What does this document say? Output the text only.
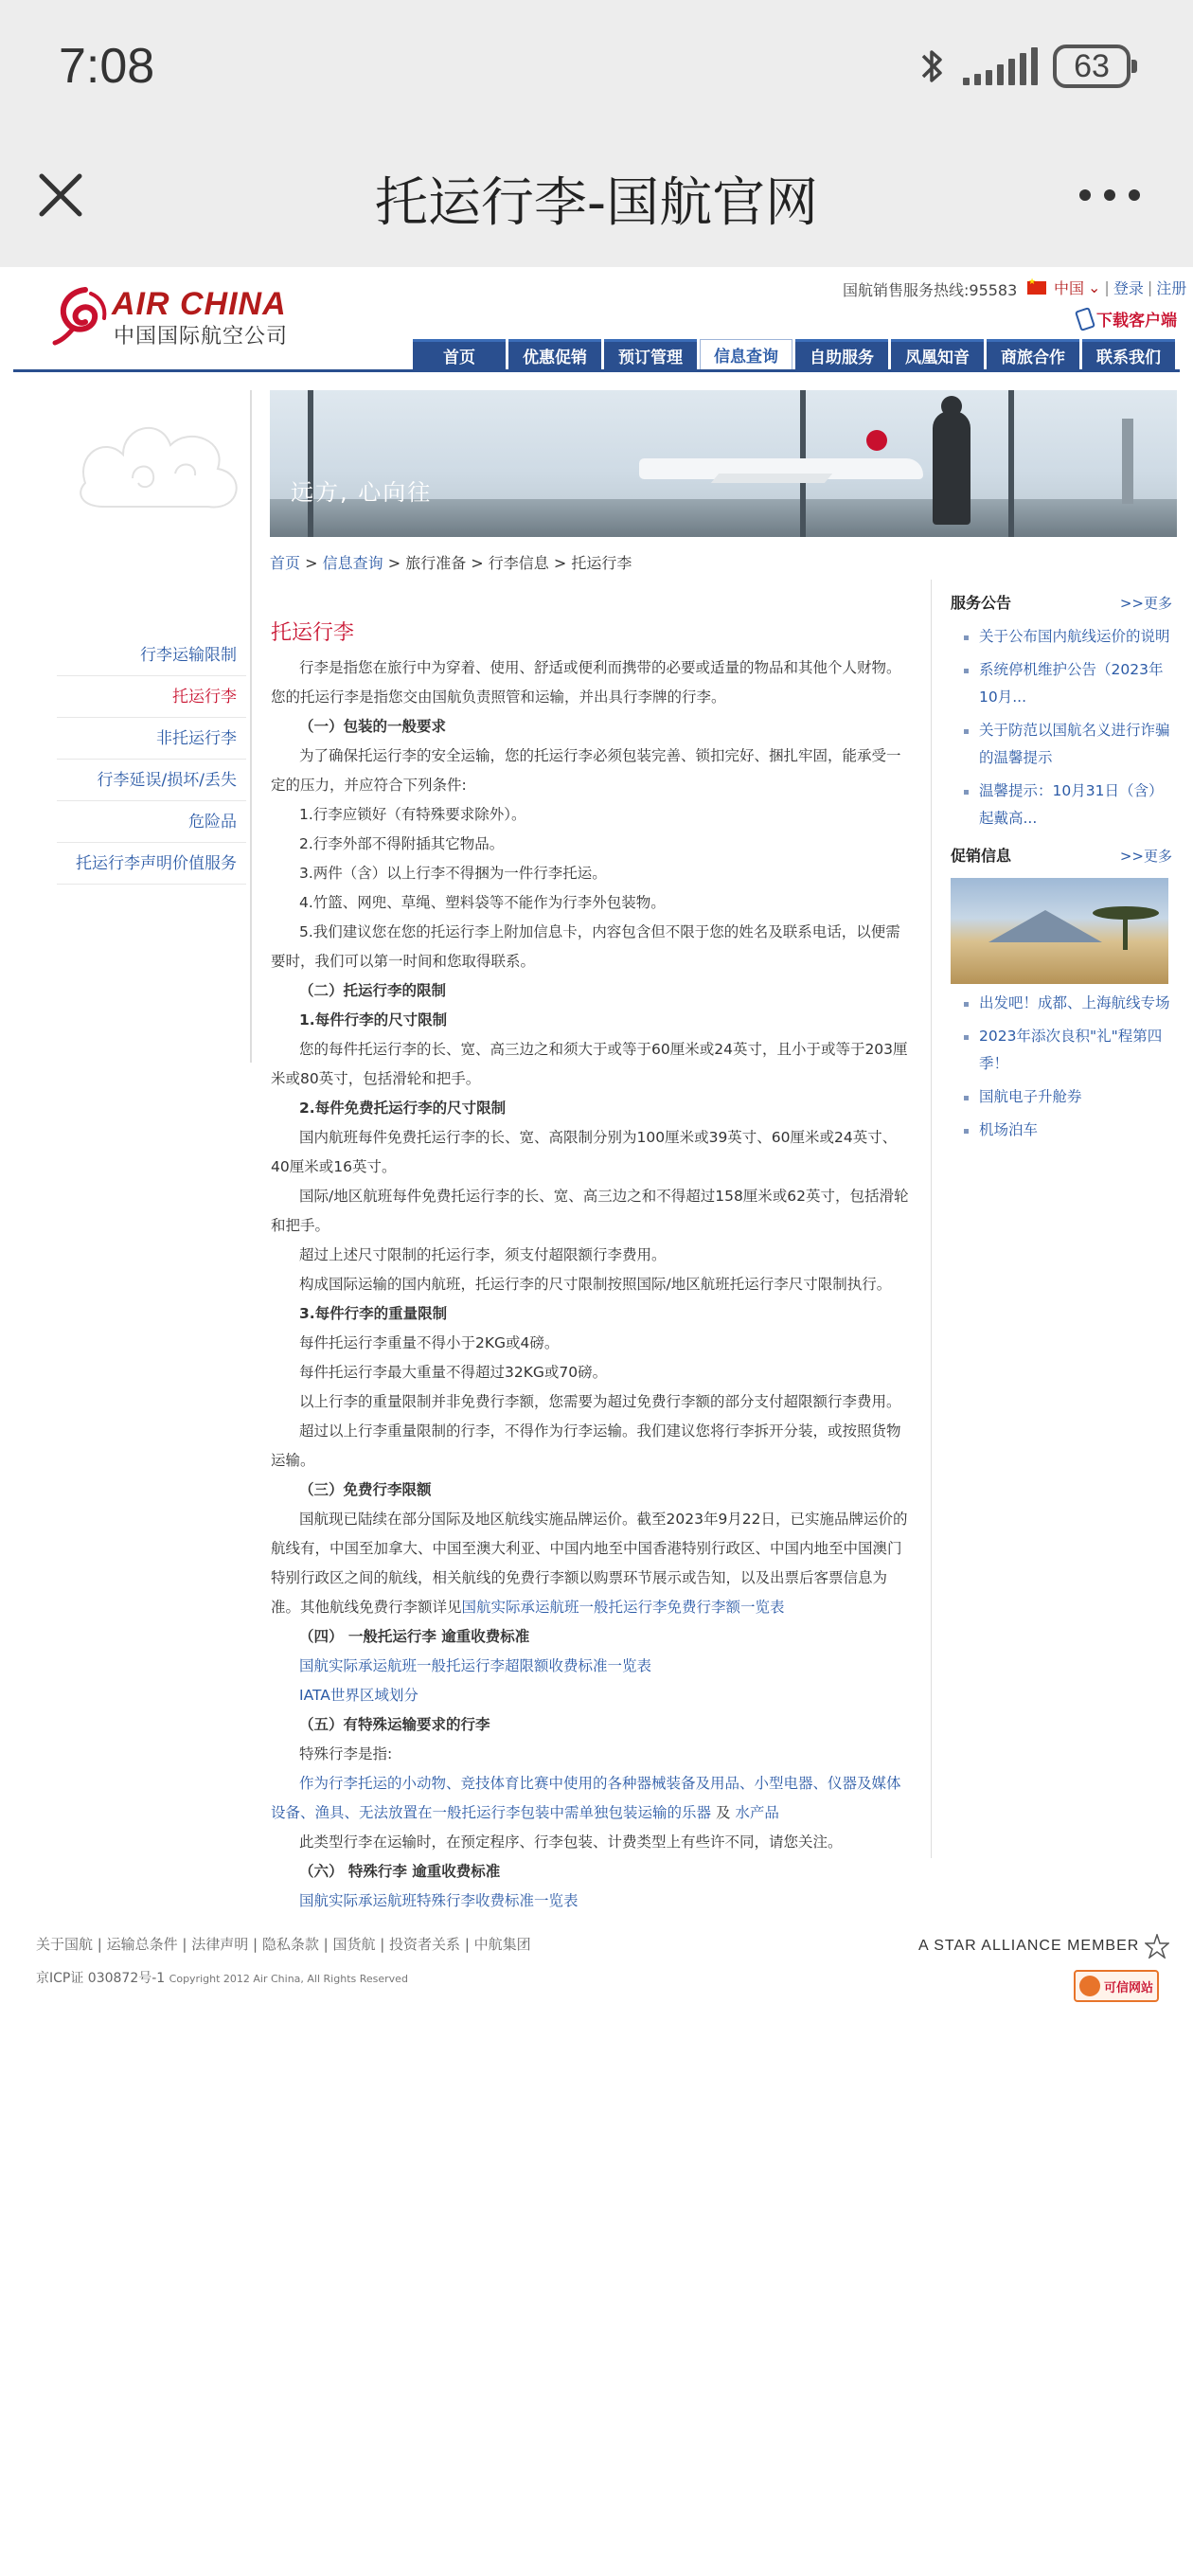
7:08	63
托运行李-国航官网
AIR CHINA
中国国际航空公司
国航销售服务热线:95583
★ 中国 ⌄ | 登录 | 注册
下载客户端
首页	优惠促销	预订管理	信息查询	自助服务	凤凰知音	商旅合作	联系我们
行李运输限制
托运行李
非托运行李
行李延误/损坏/丢失
危险品
托运行李声明价值服务
远方, 心向往
首页 > 信息查询 > 旅行准备 > 行李信息 > 托运行李

托运行李

行李是指您在旅行中为穿着、使用、舒适或便利而携带的必要或适量的物品和其他个人财物。您的托运行李是指您交由国航负责照管和运输，并出具行李牌的行李。

（一）包装的一般要求

为了确保托运行李的安全运输，您的托运行李必须包装完善、锁扣完好、捆扎牢固，能承受一定的压力，并应符合下列条件:

1.行李应锁好（有特殊要求除外）。

2.行李外部不得附插其它物品。

3.两件（含）以上行李不得捆为一件行李托运。

4.竹篮、网兜、草绳、塑料袋等不能作为行李外包装物。

5.我们建议您在您的托运行李上附加信息卡，内容包含但不限于您的姓名及联系电话，以便需要时，我们可以第一时间和您取得联系。

（二）托运行李的限制

1.每件行李的尺寸限制

您的每件托运行李的长、宽、高三边之和须大于或等于60厘米或24英寸，且小于或等于203厘米或80英寸，包括滑轮和把手。

2.每件免费托运行李的尺寸限制

国内航班每件免费托运行李的长、宽、高限制分别为100厘米或39英寸、60厘米或24英寸、40厘米或16英寸。

国际/地区航班每件免费托运行李的长、宽、高三边之和不得超过158厘米或62英寸，包括滑轮和把手。

超过上述尺寸限制的托运行李，须支付超限额行李费用。

构成国际运输的国内航班，托运行李的尺寸限制按照国际/地区航班托运行李尺寸限制执行。

3.每件行李的重量限制

每件托运行李重量不得小于2KG或4磅。

每件托运行李最大重量不得超过32KG或70磅。

以上行李的重量限制并非免费行李额，您需要为超过免费行李额的部分支付超限额行李费用。

超过以上行李重量限制的行李，不得作为行李运输。我们建议您将行李拆开分装，或按照货物运输。

（三）免费行李限额

国航现已陆续在部分国际及地区航线实施品牌运价。截至2023年9月22日，已实施品牌运价的航线有，中国至加拿大、中国至澳大利亚、中国内地至中国香港特别行政区、中国内地至中国澳门特别行政区之间的航线，相关航线的免费行李额以购票环节展示或告知，以及出票后客票信息为准。其他航线免费行李额详见国航实际承运航班一般托运行李免费行李额一览表

（四） 一般托运行李 逾重收费标准

国航实际承运航班一般托运行李超限额收费标准一览表

IATA世界区域划分

（五）有特殊运输要求的行李

特殊行李是指:

作为行李托运的小动物、竞技体育比赛中使用的各种器械装备及用品、小型电器、仪器及媒体设备、渔具、无法放置在一般托运行李包装中需单独包装运输的乐器 及 水产品

此类型行李在运输时，在预定程序、行李包装、计费类型上有些许不同，请您关注。

（六） 特殊行李 逾重收费标准

国航实际承运航班特殊行李收费标准一览表

服务公告	>>更多
关于公布国内航线运价的说明
系统停机维护公告（2023年10月...
关于防范以国航名义进行诈骗的温馨提示
温馨提示：10月31日（含）起戴高...
促销信息	>>更多
出发吧！成都、上海航线专场
2023年添次良积"礼"程第四季！
国航电子升舱券
机场泊车
关于国航 | 运输总条件 | 法律声明 | 隐私条款 | 国货航 | 投资者关系 | 中航集团
京ICP证 030872号-1 Copyright 2012 Air China, All Rights Reserved
A STAR ALLIANCE MEMBER
可信网站
